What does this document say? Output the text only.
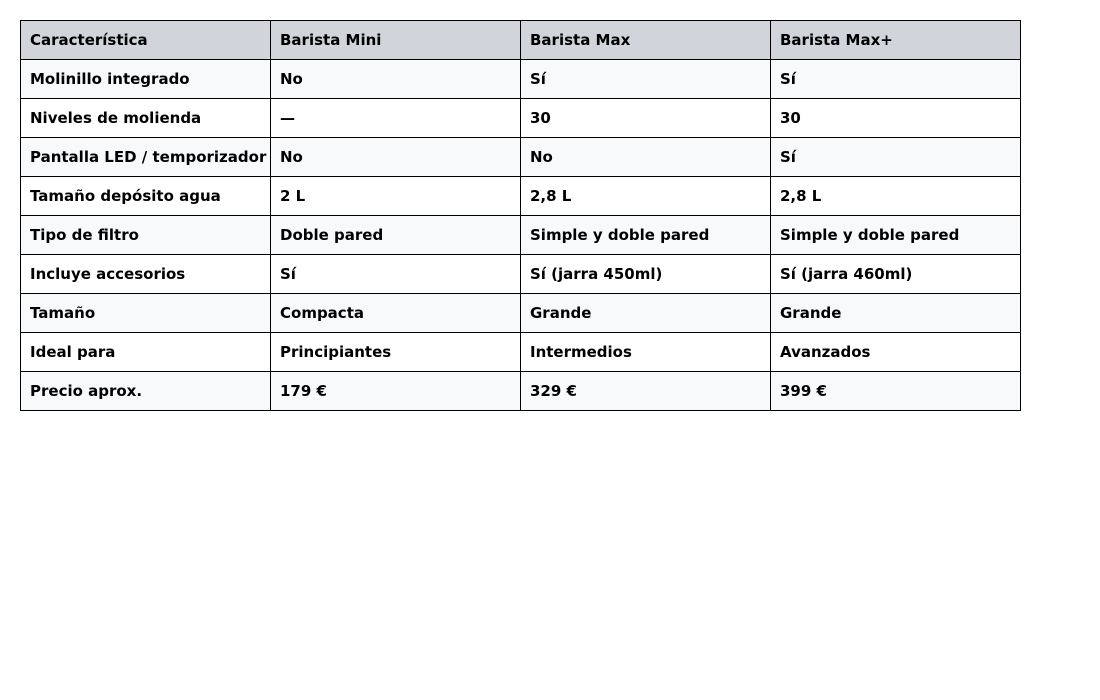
Característica	Barista Mini	Barista Max	Barista Max+
Molinillo integrado	No	Sí	Sí
Niveles de molienda	—	30	30
Pantalla LED / temporizador	No	No	Sí
Tamaño depósito agua	2 L	2,8 L	2,8 L
Tipo de filtro	Doble pared	Simple y doble pared	Simple y doble pared
Incluye accesorios	Sí	Sí (jarra 450ml)	Sí (jarra 460ml)
Tamaño	Compacta	Grande	Grande
Ideal para	Principiantes	Intermedios	Avanzados
Precio aprox.	179 €	329 €	399 €
